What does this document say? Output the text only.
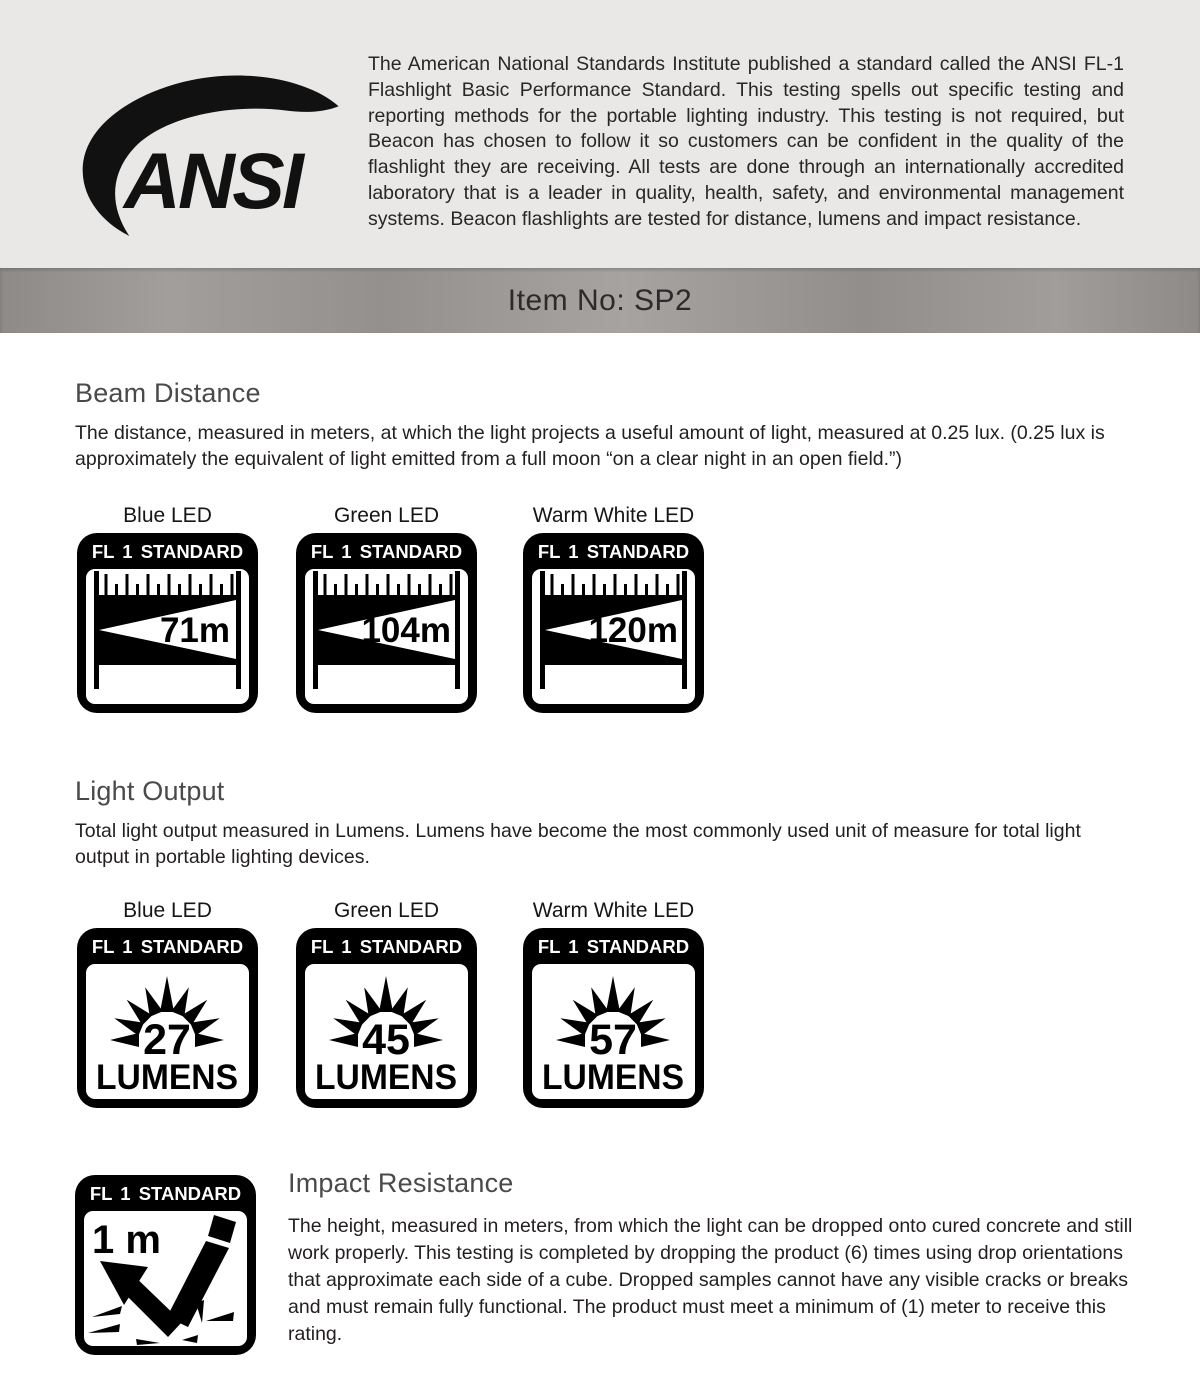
ANSI

The American National Standards Institute published a standard called the ANSI FL-1 Flashlight Basic Performance Standard. This testing spells out specific testing and reporting methods for the portable lighting industry. This testing is not required, but Beacon has chosen to follow it so customers can be confident in the quality of the flashlight they are receiving. All tests are done through an internationally accredited laboratory that is a leader in quality, health, safety, and environmental management systems. Beacon flashlights are tested for distance, lumens and impact resistance.

Item No: SP2
Beam Distance

The distance, measured in meters, at which the light projects a useful amount of light, measured at 0.25 lux. (0.25 lux is approximately the equivalent of light emitted from a full moon “on a clear night in an open field.”)

Blue LED
FL 1 STANDARD
71m
Green LED
FL 1 STANDARD
104m
Warm White LED
FL 1 STANDARD
120m
Light Output

Total light output measured in Lumens. Lumens have become the most commonly used unit of measure for total light output in portable lighting devices.

Blue LED
FL 1 STANDARD
27
LUMENS
Green LED
FL 1 STANDARD
45
LUMENS
Warm White LED
FL 1 STANDARD
57
LUMENS
FL 1 STANDARD
1 m
Impact Resistance

The height, measured in meters, from which the light can be dropped onto cured concrete and still work properly. This testing is completed by dropping the product (6) times using drop orientations that approximate each side of a cube. Dropped samples cannot have any visible cracks or breaks and must remain fully functional. The product must meet a minimum of (1) meter to receive this rating.
